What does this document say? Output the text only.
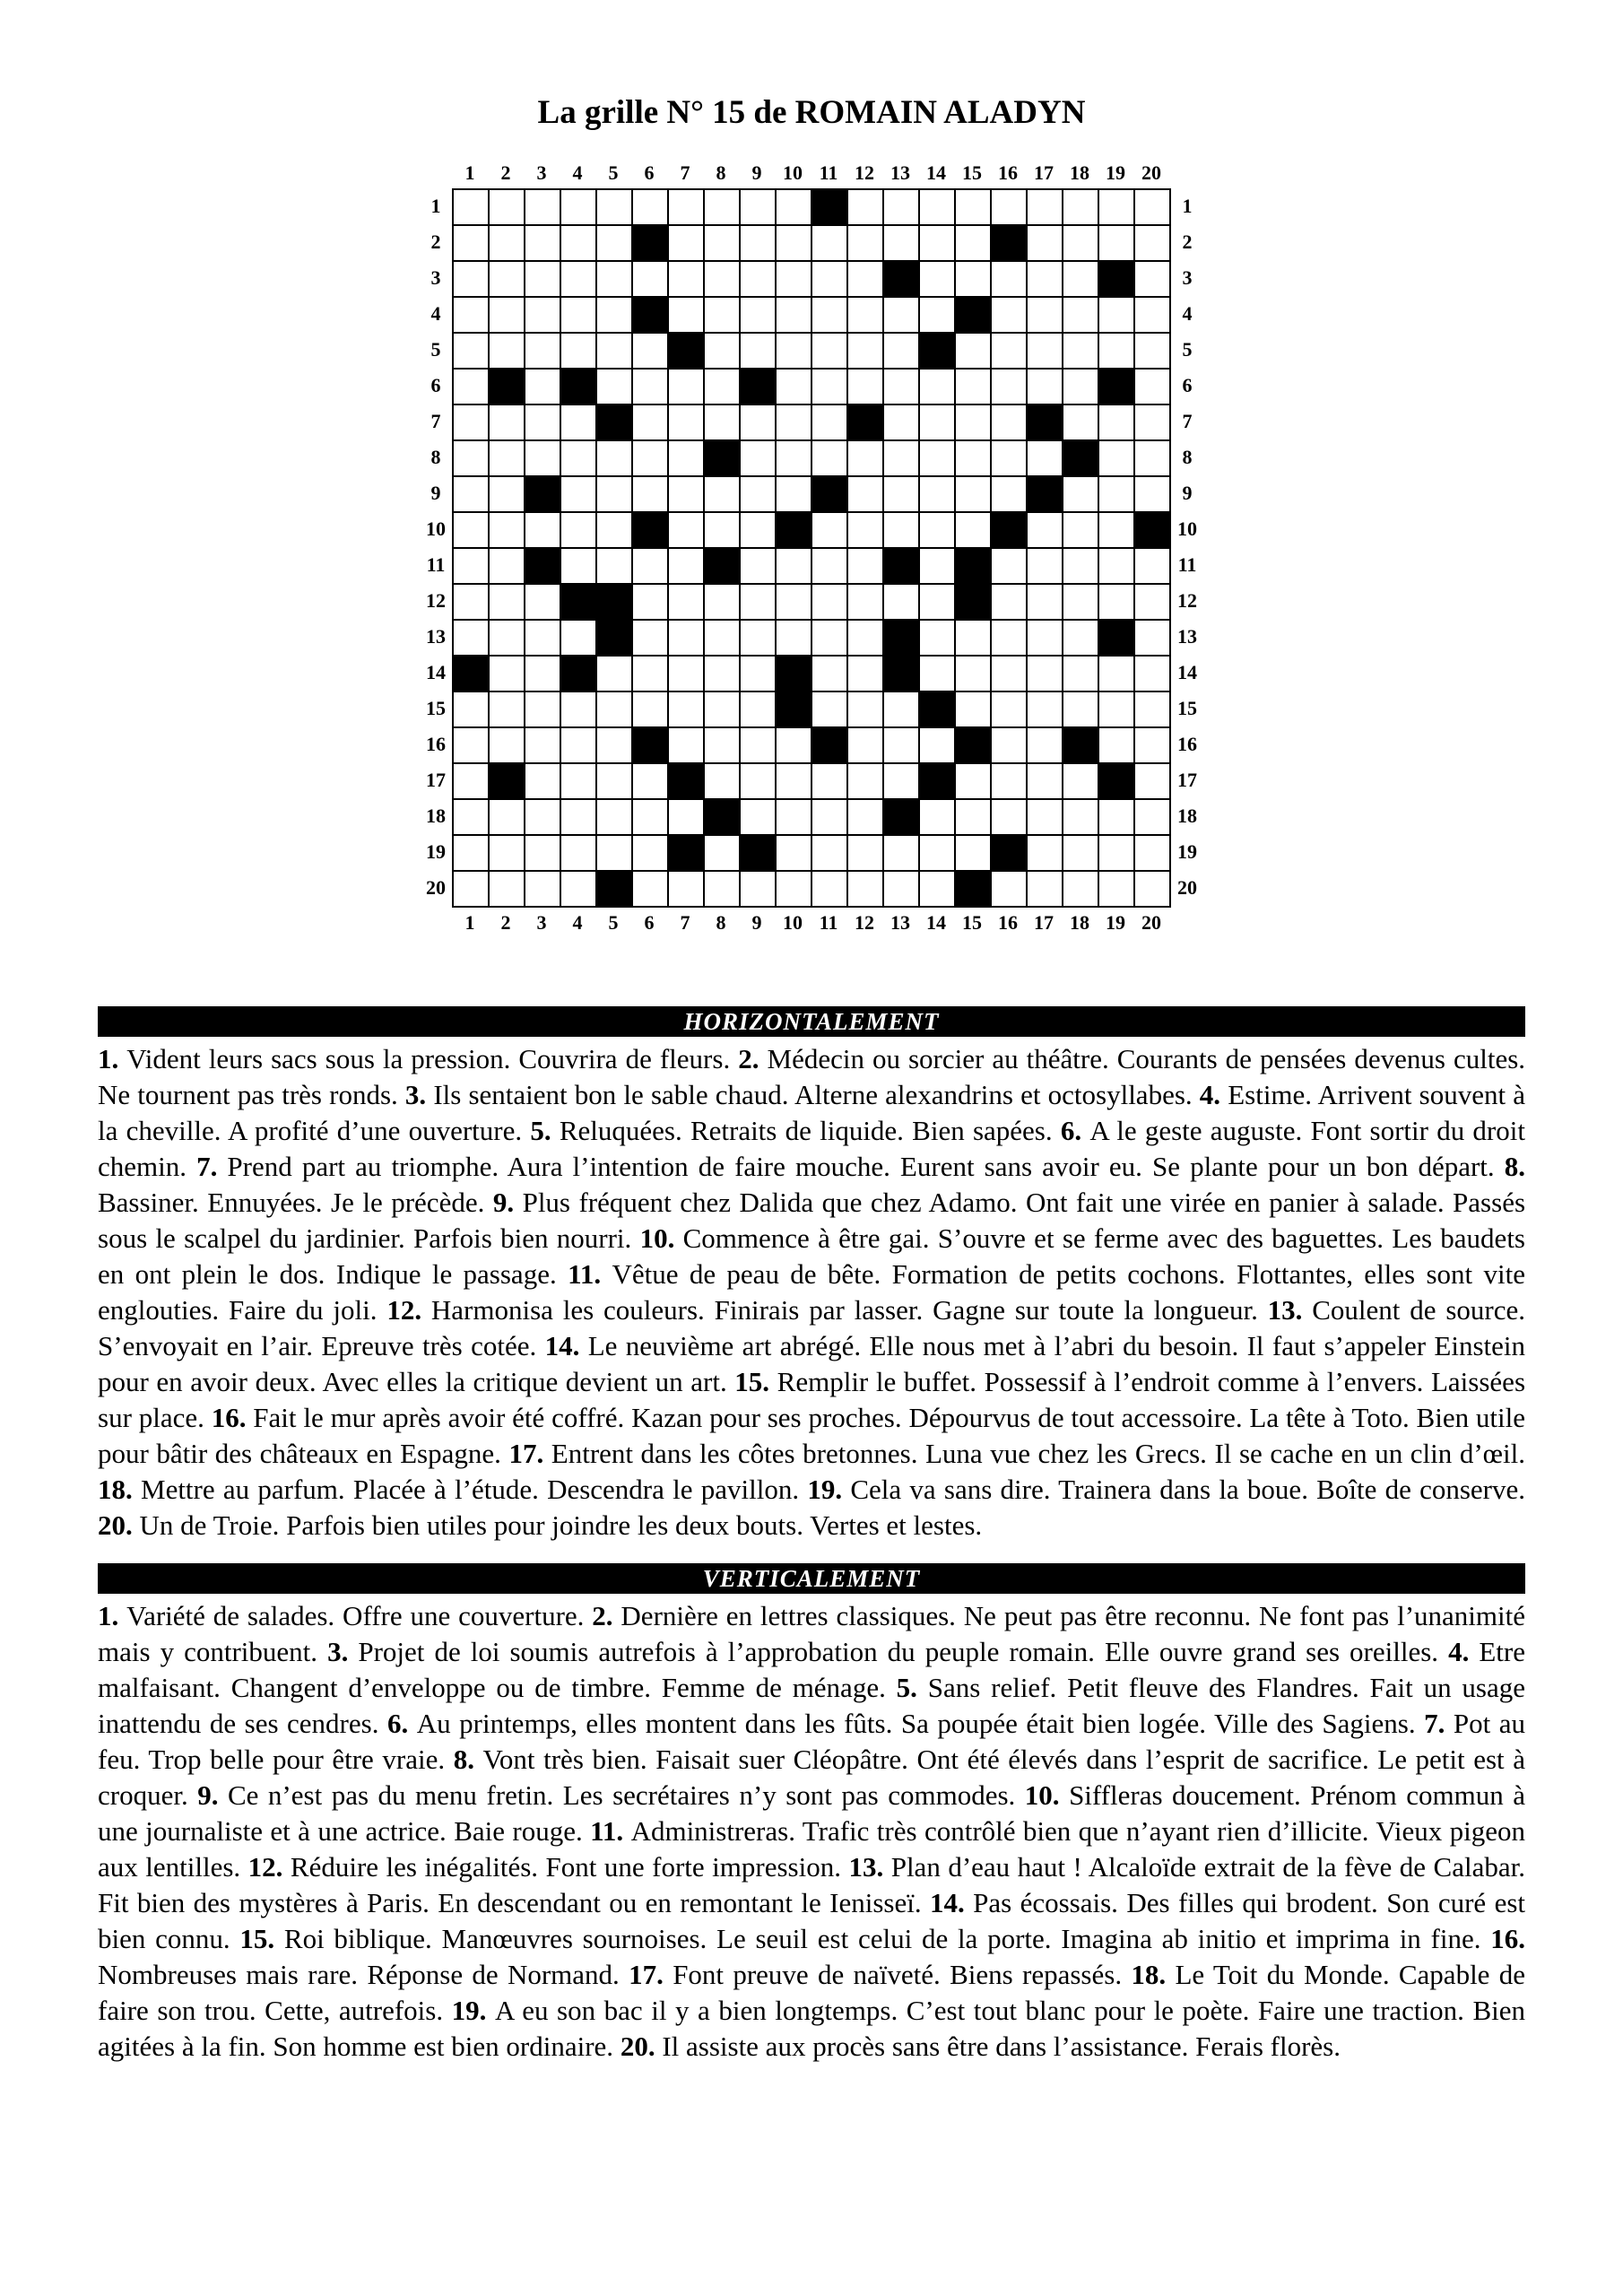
La grille N° 15 de ROMAIN ALADYN
1	2	3	4	5	6	7	8	9	10 11 12 13 14 15 16 17 18 19 20
1
2
3
4
5
6
7
8
9
10
11
12
13
14
15
16
17
18
19
20
1
2
3
4
5
6
7
8
9
10
11
12
13
14
15
16
17
18
19
20
1	2	3	4	5	6	7	8	9	10 11 12 13 14 15 16 17 18 19 20
HORIZONTALEMENT
1. Vident leurs sacs sous la pression. Couvrira de fleurs. 2. Médecin ou sorcier au théâtre. Courants de pensées devenus cultes. Ne tournent pas très ronds. 3. Ils sentaient bon le sable chaud. Alterne alexandrins et octosyllabes. 4. Estime. Arrivent souvent à la cheville. A profité d’une ouverture. 5. Reluquées. Retraits de liquide. Bien sapées. 6. A le geste auguste. Font sortir du droit chemin. 7. Prend part au triomphe. Aura l’intention de faire mouche. Eurent sans avoir eu. Se plante pour un bon départ. 8. Bassiner. Ennuyées. Je le précède. 9. Plus fréquent chez Dalida que chez Adamo. Ont fait une virée en panier à salade. Passés sous le scalpel du jardinier. Parfois bien nourri. 10. Commence à être gai. S’ouvre et se ferme avec des baguettes. Les baudets en ont plein le dos. Indique le passage. 11. Vêtue de peau de bête. Formation de petits cochons. Flottantes, elles sont vite englouties. Faire du joli. 12. Harmonisa les couleurs. Finirais par lasser. Gagne sur toute la longueur. 13. Coulent de source. S’envoyait en l’air. Epreuve très cotée. 14. Le neuvième art abrégé. Elle nous met à l’abri du besoin. Il faut s’appeler Einstein pour en avoir deux. Avec elles la critique devient un art. 15. Remplir le buffet. Possessif à l’endroit comme à l’envers. Laissées sur place. 16. Fait le mur après avoir été coffré. Kazan pour ses proches. Dépourvus de tout accessoire. La tête à Toto. Bien utile pour bâtir des châteaux en Espagne. 17. Entrent dans les côtes bretonnes. Luna vue chez les Grecs. Il se cache en un clin d’œil. 18. Mettre au parfum. Placée à l’étude. Descendra le pavillon. 19. Cela va sans dire. Trainera dans la boue. Boîte de conserve. 20. Un de Troie. Parfois bien utiles pour joindre les deux bouts. Vertes et lestes.
VERTICALEMENT
1. Variété de salades. Offre une couverture. 2. Dernière en lettres classiques. Ne peut pas être reconnu. Ne font pas l’unanimité mais y contribuent. 3. Projet de loi soumis autrefois à l’approbation du peuple romain. Elle ouvre grand ses oreilles. 4. Etre malfaisant. Changent d’enveloppe ou de timbre. Femme de ménage. 5. Sans relief. Petit fleuve des Flandres. Fait un usage inattendu de ses cendres. 6. Au printemps, elles montent dans les fûts. Sa poupée était bien logée. Ville des Sagiens. 7. Pot au feu. Trop belle pour être vraie. 8. Vont très bien. Faisait suer Cléopâtre. Ont été élevés dans l’esprit de sacrifice. Le petit est à croquer. 9. Ce n’est pas du menu fretin. Les secrétaires n’y sont pas commodes. 10. Siffleras doucement. Prénom commun à une journaliste et à une actrice. Baie rouge. 11. Administreras. Trafic très contrôlé bien que n’ayant rien d’illicite. Vieux pigeon aux lentilles. 12. Réduire les inégalités. Font une forte impression. 13. Plan d’eau haut ! Alcaloïde extrait de la fève de Calabar. Fit bien des mystères à Paris. En descendant ou en remontant le Ienisseï. 14. Pas écossais. Des filles qui brodent. Son curé est bien connu. 15. Roi biblique. Manœuvres sournoises. Le seuil est celui de la porte. Imagina ab initio et imprima in fine. 16. Nombreuses mais rare. Réponse de Normand. 17. Font preuve de naïveté. Biens repassés. 18. Le Toit du Monde. Capable de faire son trou. Cette, autrefois. 19. A eu son bac il y a bien longtemps. C’est tout blanc pour le poète. Faire une traction. Bien agitées à la fin. Son homme est bien ordinaire. 20. Il assiste aux procès sans être dans l’assistance. Ferais florès.
